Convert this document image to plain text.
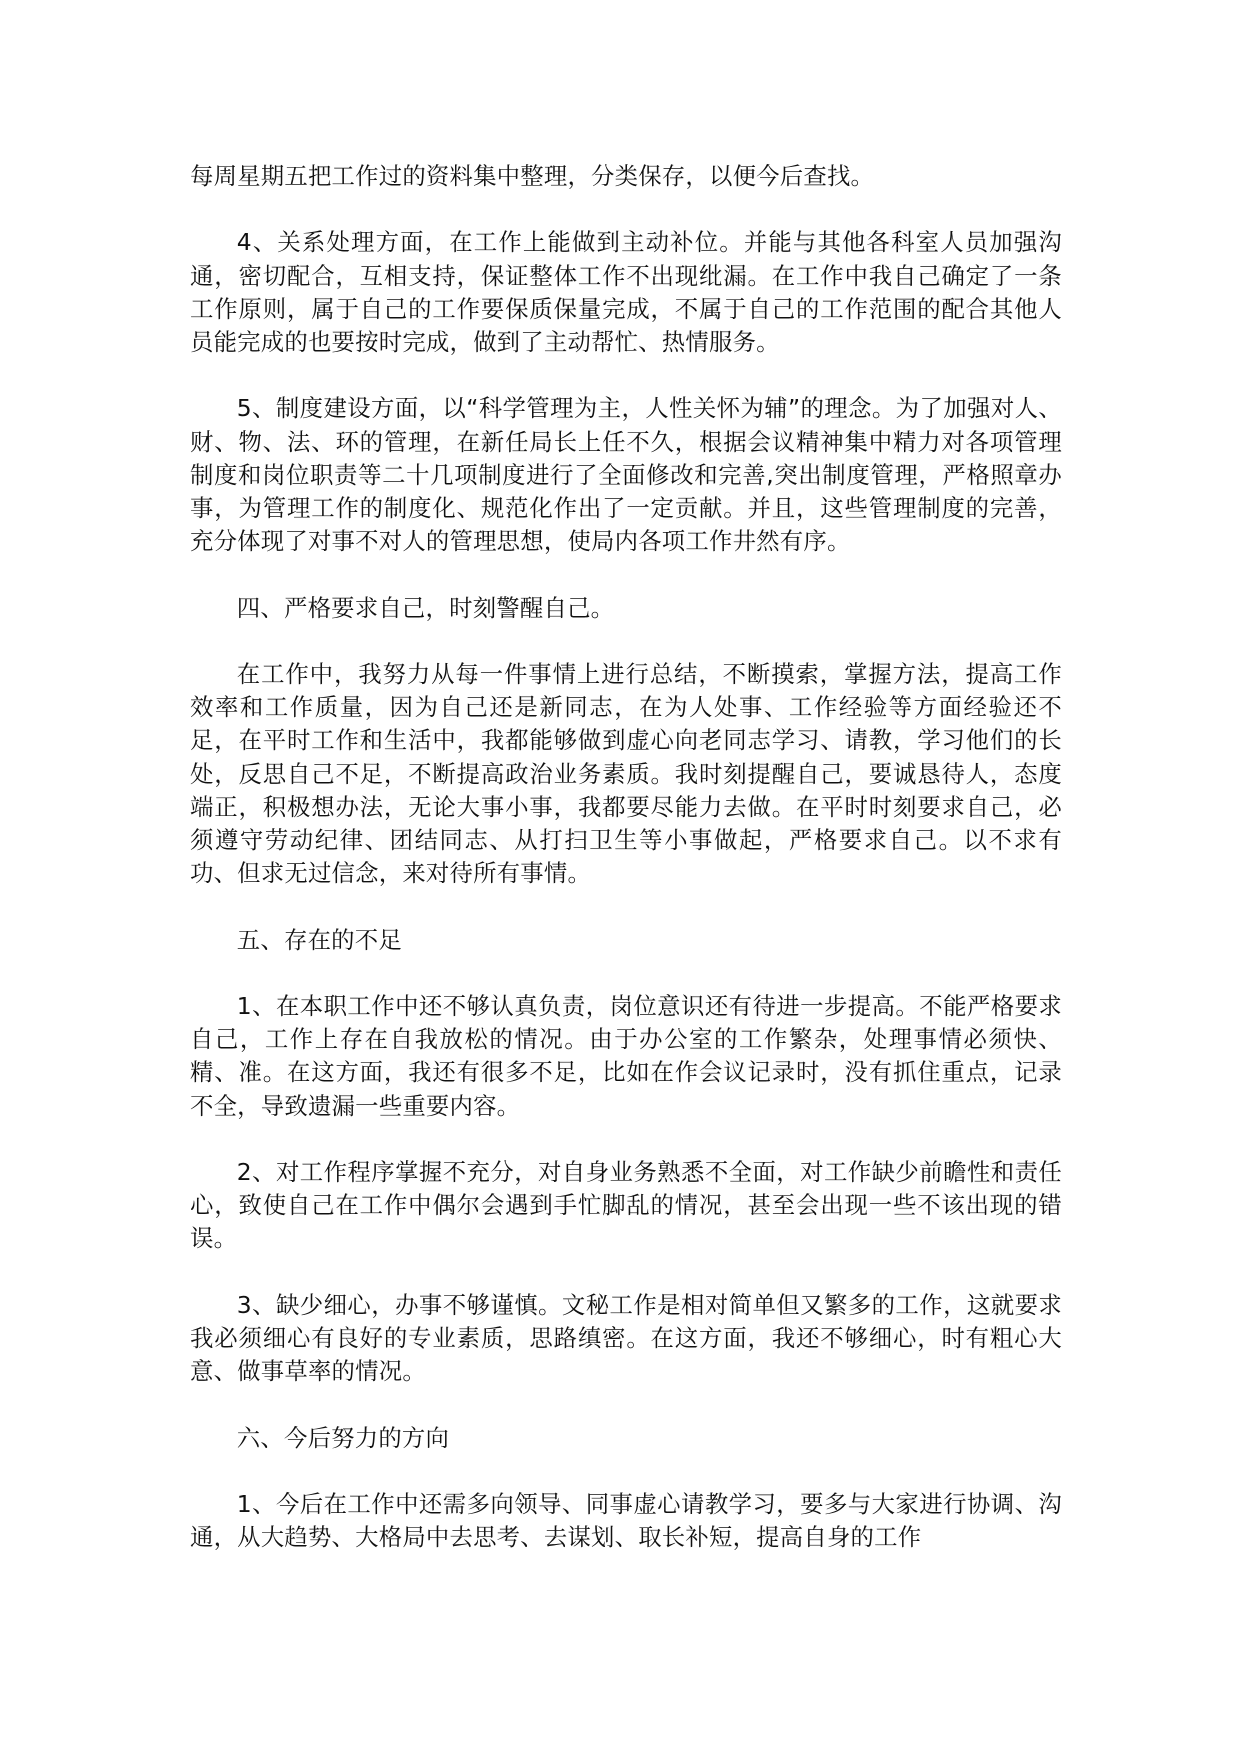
每周星期五把工作过的资料集中整理，分类保存，以便今后查找。

4、关系处理方面，在工作上能做到主动补位。并能与其他各科室人员加强沟通，密切配合，互相支持，保证整体工作不出现纰漏。在工作中我自己确定了一条工作原则，属于自己的工作要保质保量完成，不属于自己的工作范围的配合其他人员能完成的也要按时完成，做到了主动帮忙、热情服务。

5、制度建设方面，以“科学管理为主，人性关怀为辅”的理念。为了加强对人、财、物、法、环的管理，在新任局长上任不久，根据会议精神集中精力对各项管理制度和岗位职责等二十几项制度进行了全面修改和完善,突出制度管理，严格照章办事，为管理工作的制度化、规范化作出了一定贡献。并且，这些管理制度的完善，充分体现了对事不对人的管理思想，使局内各项工作井然有序。

四、严格要求自己，时刻警醒自己。

在工作中，我努力从每一件事情上进行总结，不断摸索，掌握方法，提高工作效率和工作质量，因为自己还是新同志，在为人处事、工作经验等方面经验还不足，在平时工作和生活中，我都能够做到虚心向老同志学习、请教，学习他们的长处，反思自己不足，不断提高政治业务素质。我时刻提醒自己，要诚恳待人，态度端正，积极想办法，无论大事小事，我都要尽能力去做。在平时时刻要求自己，必须遵守劳动纪律、团结同志、从打扫卫生等小事做起，严格要求自己。以不求有功、但求无过信念，来对待所有事情。

五、存在的不足

1、在本职工作中还不够认真负责，岗位意识还有待进一步提高。不能严格要求自己，工作上存在自我放松的情况。由于办公室的工作繁杂，处理事情必须快、精、准。在这方面，我还有很多不足，比如在作会议记录时，没有抓住重点，记录不全，导致遗漏一些重要内容。

2、对工作程序掌握不充分，对自身业务熟悉不全面，对工作缺少前瞻性和责任心，致使自己在工作中偶尔会遇到手忙脚乱的情况，甚至会出现一些不该出现的错误。

3、缺少细心，办事不够谨慎。文秘工作是相对简单但又繁多的工作，这就要求我必须细心有良好的专业素质，思路缜密。在这方面，我还不够细心，时有粗心大意、做事草率的情况。

六、今后努力的方向

1、今后在工作中还需多向领导、同事虚心请教学习，要多与大家进行协调、沟通，从大趋势、大格局中去思考、去谋划、取长补短，提高自身的工作
